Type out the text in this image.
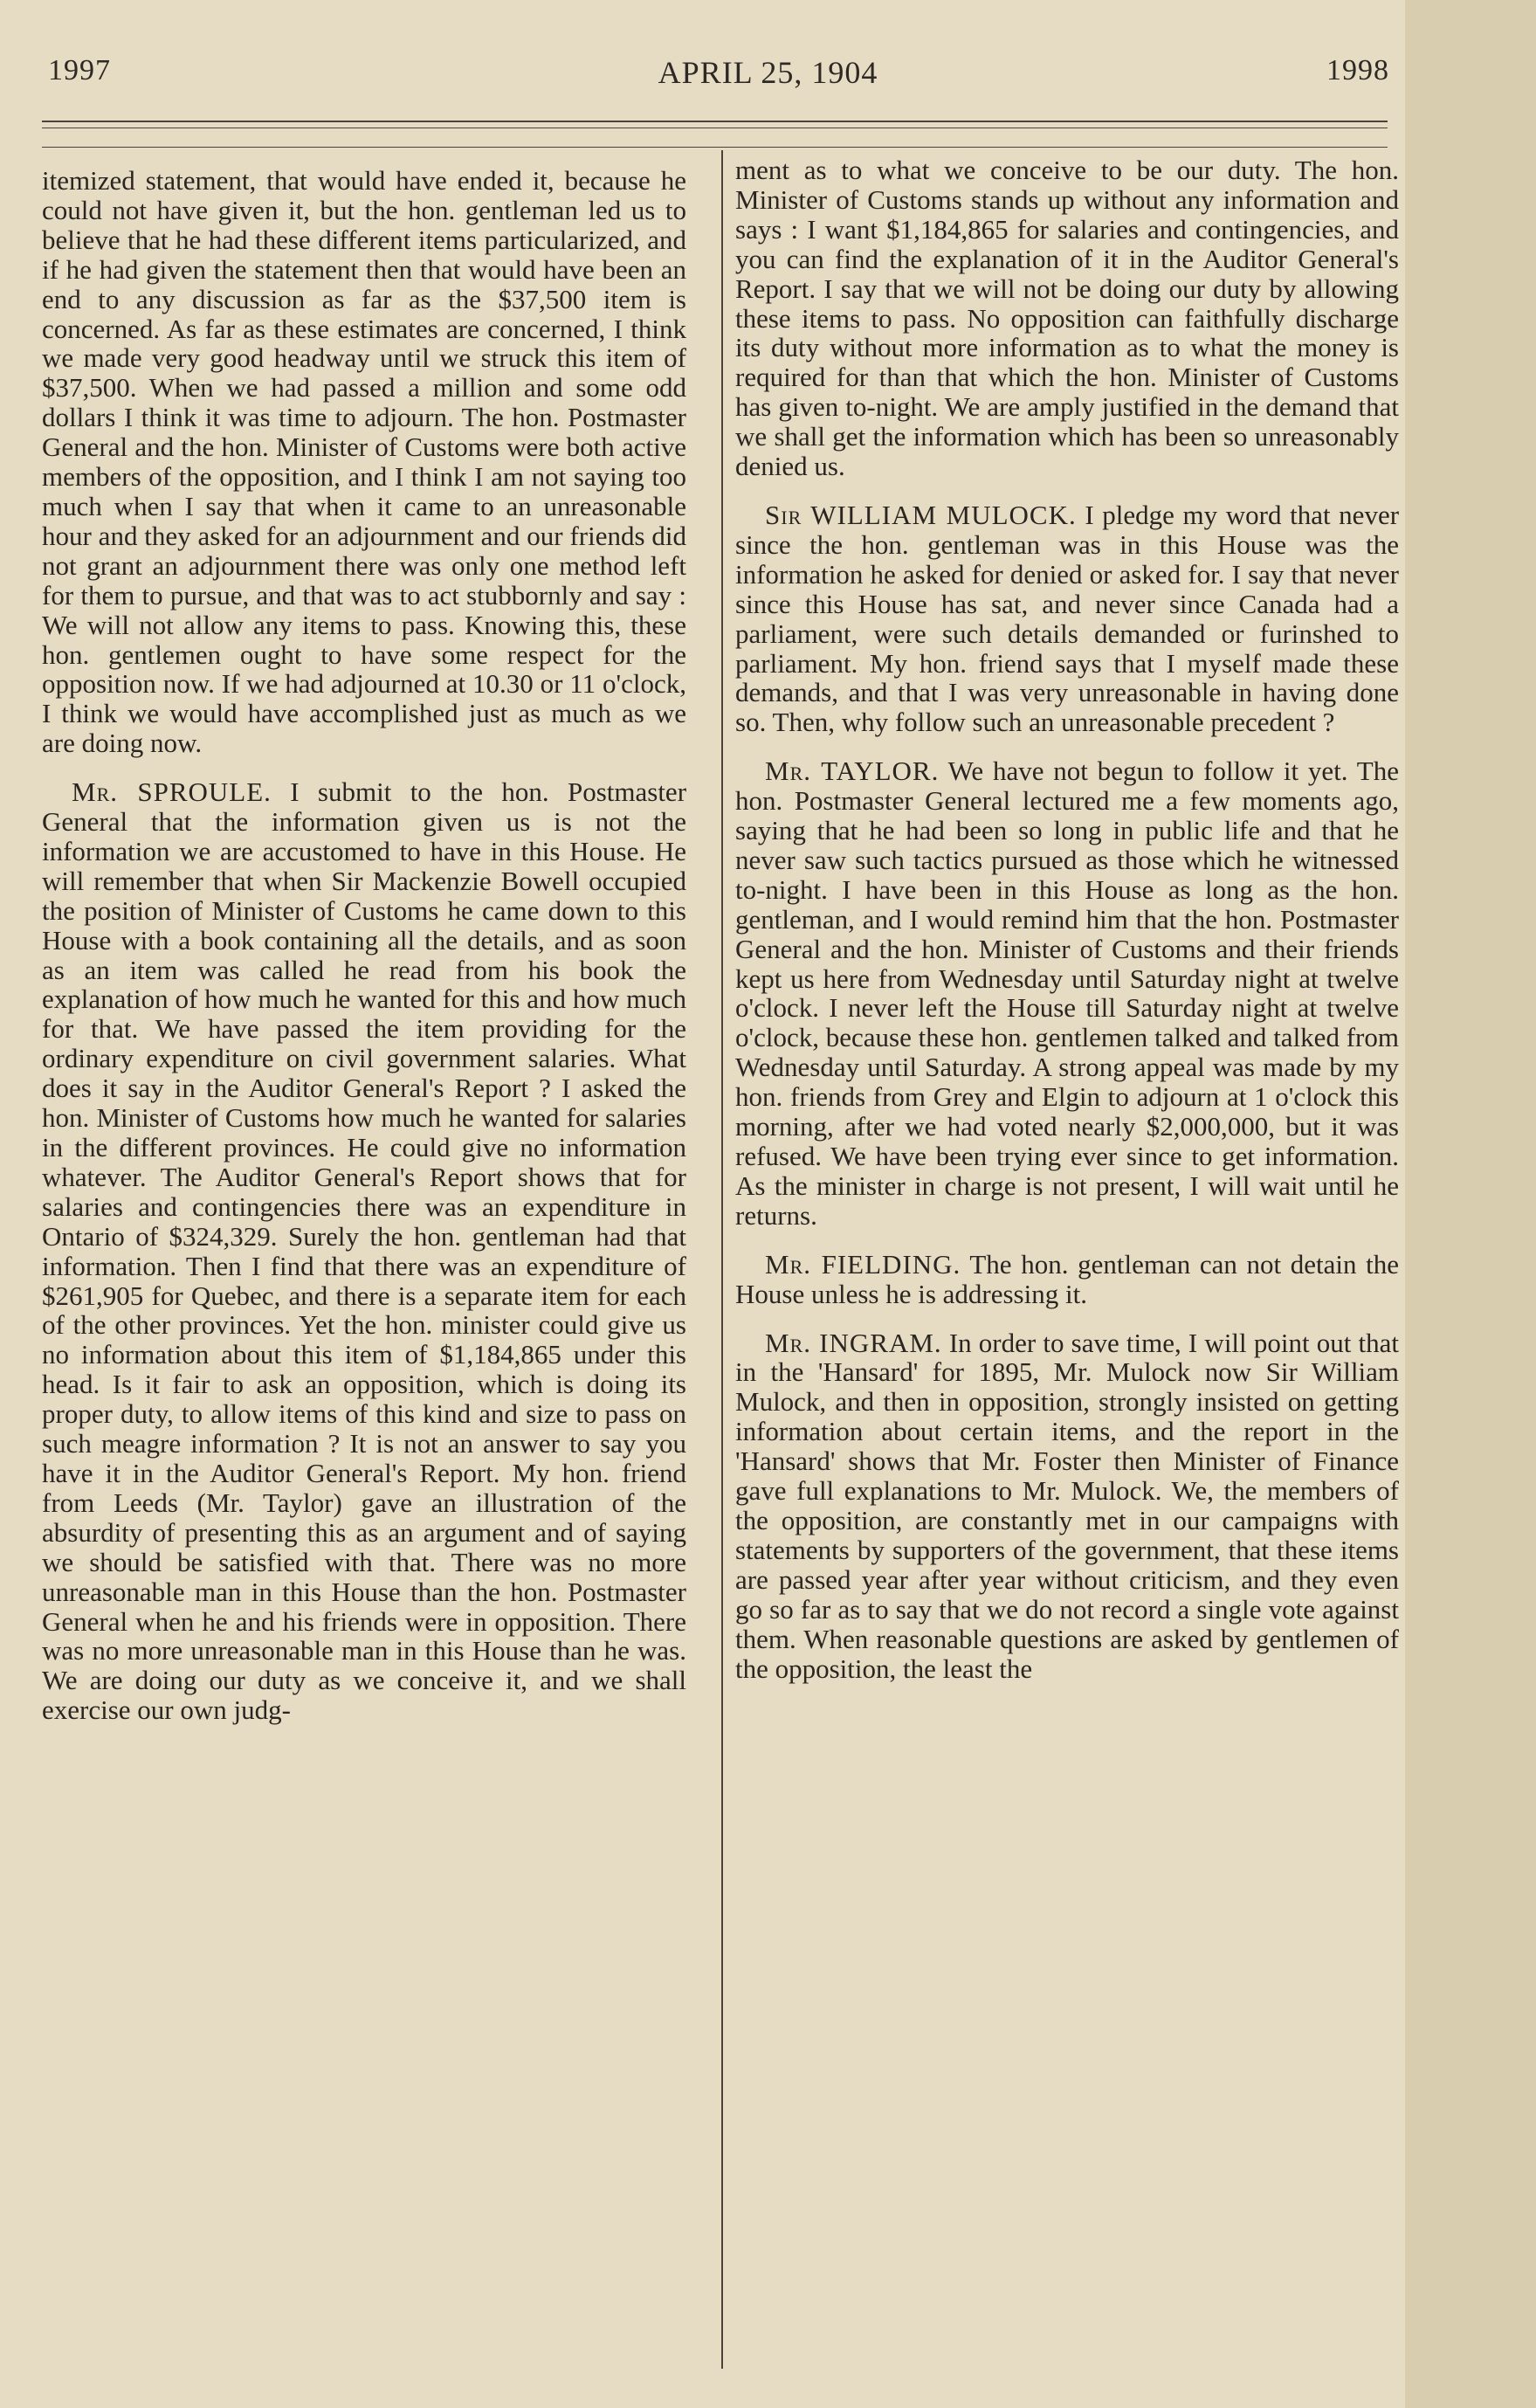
1997	APRIL 25, 1904	1998

itemized statement, that would have ended it, because he could not have given it, but the hon. gentleman led us to believe that he had these different items particularized, and if he had given the statement then that would have been an end to any discussion as far as the $37,500 item is concerned. As far as these estimates are concerned, I think we made very good headway until we struck this item of $37,500. When we had passed a million and some odd dollars I think it was time to adjourn. The hon. Postmaster General and the hon. Minister of Customs were both active members of the opposition, and I think I am not saying too much when I say that when it came to an unreasonable hour and they asked for an adjournment and our friends did not grant an adjournment there was only one method left for them to pursue, and that was to act stubbornly and say : We will not allow any items to pass. Knowing this, these hon. gentlemen ought to have some respect for the opposition now. If we had adjourned at 10.30 or 11 o'clock, I think we would have accomplished just as much as we are doing now.

Mr. SPROULE. I submit to the hon. Postmaster General that the information given us is not the information we are accustomed to have in this House. He will remember that when Sir Mackenzie Bowell occupied the position of Minister of Customs he came down to this House with a book containing all the details, and as soon as an item was called he read from his book the explanation of how much he wanted for this and how much for that. We have passed the item providing for the ordinary expenditure on civil government salaries. What does it say in the Auditor General's Report ? I asked the hon. Minister of Customs how much he wanted for salaries in the different provinces. He could give no information whatever. The Auditor General's Report shows that for salaries and contingencies there was an expenditure in Ontario of $324,329. Surely the hon. gentleman had that information. Then I find that there was an expenditure of $261,905 for Quebec, and there is a separate item for each of the other provinces. Yet the hon. minister could give us no information about this item of $1,184,865 under this head. Is it fair to ask an opposition, which is doing its proper duty, to allow items of this kind and size to pass on such meagre information ? It is not an answer to say you have it in the Auditor General's Report. My hon. friend from Leeds (Mr. Taylor) gave an illustration of the absurdity of presenting this as an argument and of saying we should be satisfied with that. There was no more unreasonable man in this House than the hon. Postmaster General when he and his friends were in opposition. There was no more unreasonable man in this House than he was. We are doing our duty as we conceive it, and we shall exercise our own judg-

ment as to what we conceive to be our duty. The hon. Minister of Customs stands up without any information and says : I want $1,184,865 for salaries and contingencies, and you can find the explanation of it in the Auditor General's Report. I say that we will not be doing our duty by allowing these items to pass. No opposition can faithfully discharge its duty without more information as to what the money is required for than that which the hon. Minister of Customs has given to-night. We are amply justified in the demand that we shall get the information which has been so unreasonably denied us.

Sir WILLIAM MULOCK. I pledge my word that never since the hon. gentleman was in this House was the information he asked for denied or asked for. I say that never since this House has sat, and never since Canada had a parliament, were such details demanded or furinshed to parliament. My hon. friend says that I myself made these demands, and that I was very unreasonable in having done so. Then, why follow such an unreasonable precedent ?

Mr. TAYLOR. We have not begun to follow it yet. The hon. Postmaster General lectured me a few moments ago, saying that he had been so long in public life and that he never saw such tactics pursued as those which he witnessed to-night. I have been in this House as long as the hon. gentleman, and I would remind him that the hon. Postmaster General and the hon. Minister of Customs and their friends kept us here from Wednesday until Saturday night at twelve o'clock. I never left the House till Saturday night at twelve o'clock, because these hon. gentlemen talked and talked from Wednesday until Saturday. A strong appeal was made by my hon. friends from Grey and Elgin to adjourn at 1 o'clock this morning, after we had voted nearly $2,000,000, but it was refused. We have been trying ever since to get information. As the minister in charge is not present, I will wait until he returns.

Mr. FIELDING. The hon. gentleman can not detain the House unless he is addressing it.

Mr. INGRAM. In order to save time, I will point out that in the 'Hansard' for 1895, Mr. Mulock now Sir William Mulock, and then in opposition, strongly insisted on getting information about certain items, and the report in the 'Hansard' shows that Mr. Foster then Minister of Finance gave full explanations to Mr. Mulock. We, the members of the opposition, are constantly met in our campaigns with statements by supporters of the government, that these items are passed year after year without criticism, and they even go so far as to say that we do not record a single vote against them. When reasonable questions are asked by gentlemen of the opposition, the least the
